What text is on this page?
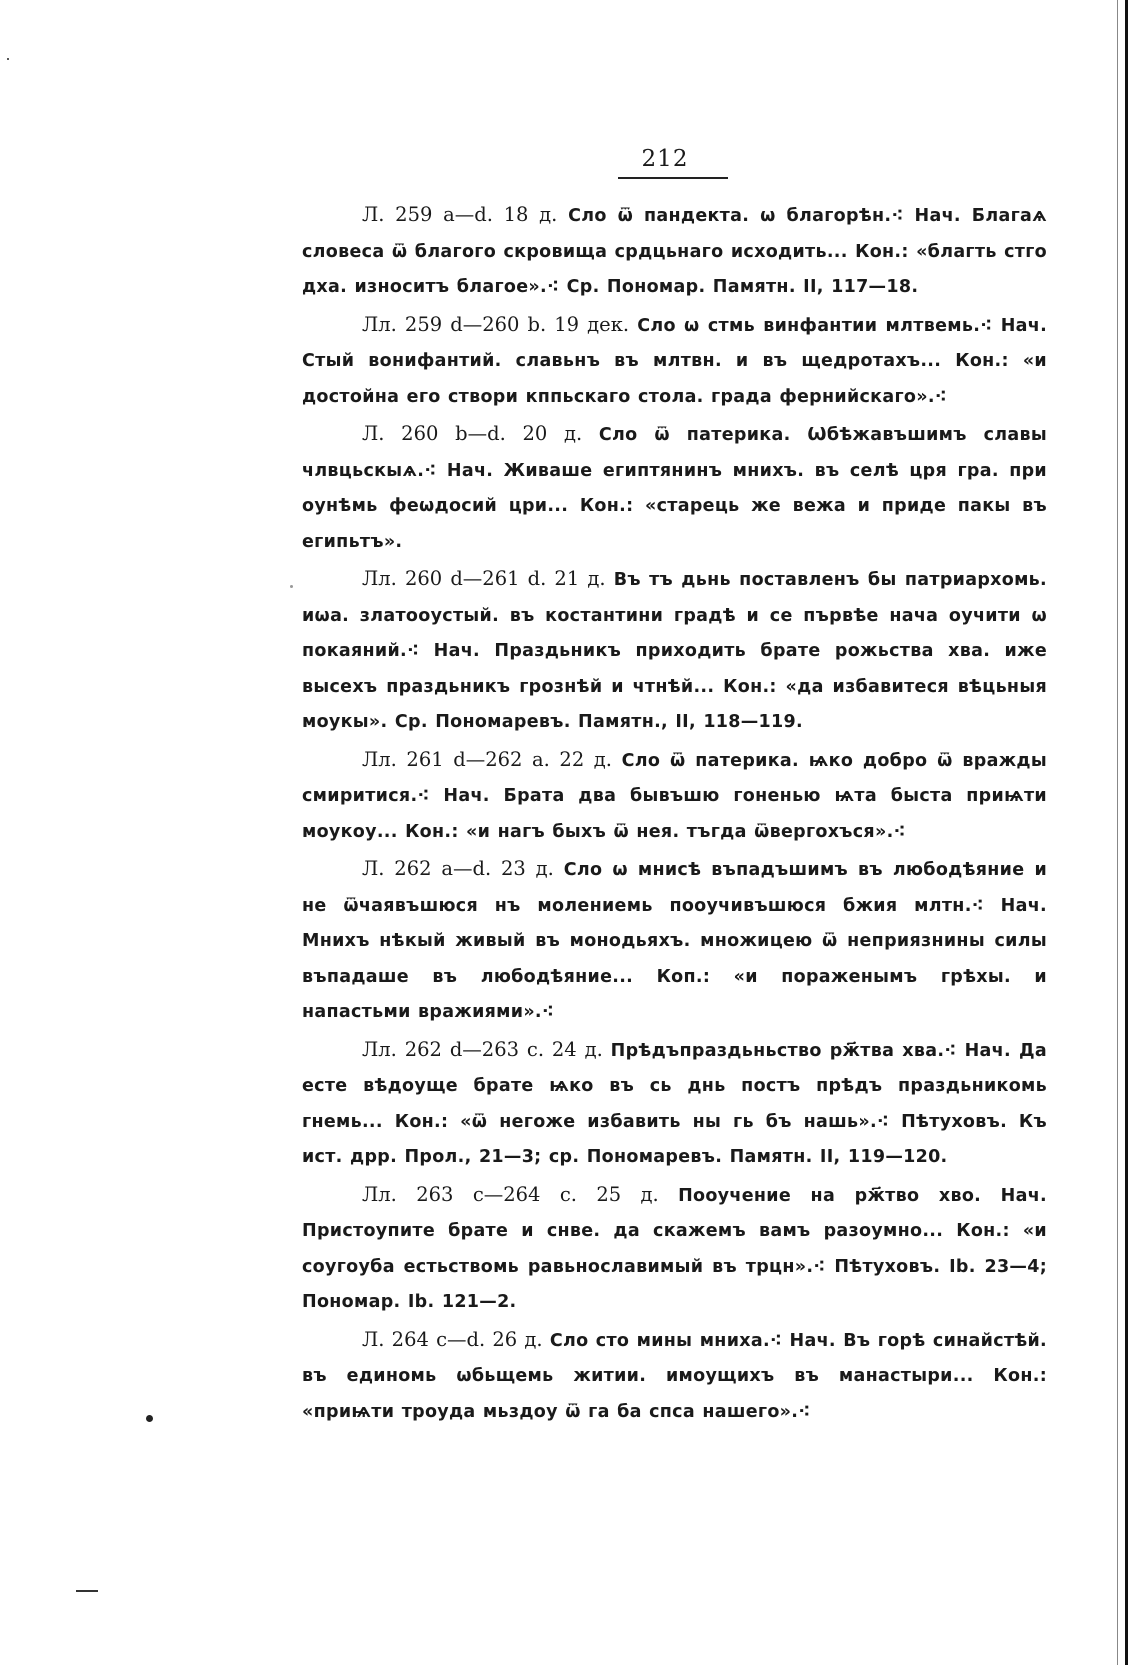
212

Л. 259 a—d. 18 д. Сло ѿ пандекта. ѡ благорѣн.⁖ Нач. Благаѧ словеса ѿ благого скровища срдцьнаго исходить... Кон.: «благть стго дха. износитъ благое».⁖ Ср. Пономар. Памятн. II, 117—18.

Лл. 259 d—260 b. 19 дек. Сло ѡ стмь винфантии млтвемь.⁖ Нач. Стый вонифантий. славьнъ въ млтвн. и въ щедротахъ... Кон.: «и достойна его створи кппьскаго стола. града фернийскаго».⁖

Л. 260 b—d. 20 д. Сло ѿ патерика. Ѡбѣжавъшимъ славы члвцьскыѧ.⁖ Нач. Живаше египтянинъ мнихъ. въ селѣ цря гра. при оунѣмь феѡдосий цри... Кон.: «старець же вежа и приде пакы въ египьтъ».

Лл. 260 d—261 d. 21 д. Въ тъ дьнь поставленъ бы патриархомь. иѡа. златооустый. въ костантини градѣ и се първѣе нача оучити ѡ покаяний.⁖ Нач. Праздьникъ приходить брате рожьства хва. иже высехъ праздьникъ грознѣй и чтнѣй... Кон.: «да избавитеся вѣцьныя моукы». Ср. Пономаревъ. Памятн., II, 118—119.

Лл. 261 d—262 a. 22 д. Сло ѿ патерика. ѩко добро ѿ вражды смиритися.⁖ Нач. Брата два бывъшю гоненью ѩта быста приѩти моукоу... Кон.: «и нагъ быхъ ѿ нея. тъгда ѿвергохъся».⁖

Л. 262 a—d. 23 д. Сло ѡ мнисѣ въпадъшимъ въ любодѣяние и не ѿчаявъшюся нъ молениемь пооучивъшюся бжия млтн.⁖ Нач. Мнихъ нѣкый живый въ монодьяхъ. множицею ѿ неприязнины силы въпадаше въ любодѣяние... Коп.: «и пораженымъ грѣхы. и напастьми вражиями».⁖

Лл. 262 d—263 c. 24 д. Прѣдъпраздьньство рж҃тва хва.⁖ Нач. Да есте вѣдоуще брате ѩко въ сь днь постъ прѣдъ праздьникомь гнемь... Кон.: «ѿ негоже избавить ны гь бъ нашь».⁖ Пѣтуховъ. Къ ист. дрр. Прол., 21—3; ср. Пономаревъ. Памятн. II, 119—120.

Лл. 263 c—264 c. 25 д. Пооучение на рж҃тво хво. Нач. Пристоупите брате и снве. да скажемъ вамъ разоумно... Кон.: «и соугоуба естьствомь равьнославимый въ трцн».⁖ Пѣтуховъ. Ib. 23—4; Пономар. Ib. 121—2.

Л. 264 c—d. 26 д. Сло сто мины мниха.⁖ Нач. Въ горѣ синайстѣй. въ единомь ѡбьщемь житии. имоущихъ въ манастыри... Кон.: «приѩти троуда мьздоу ѿ га ба спса нашего».⁖
